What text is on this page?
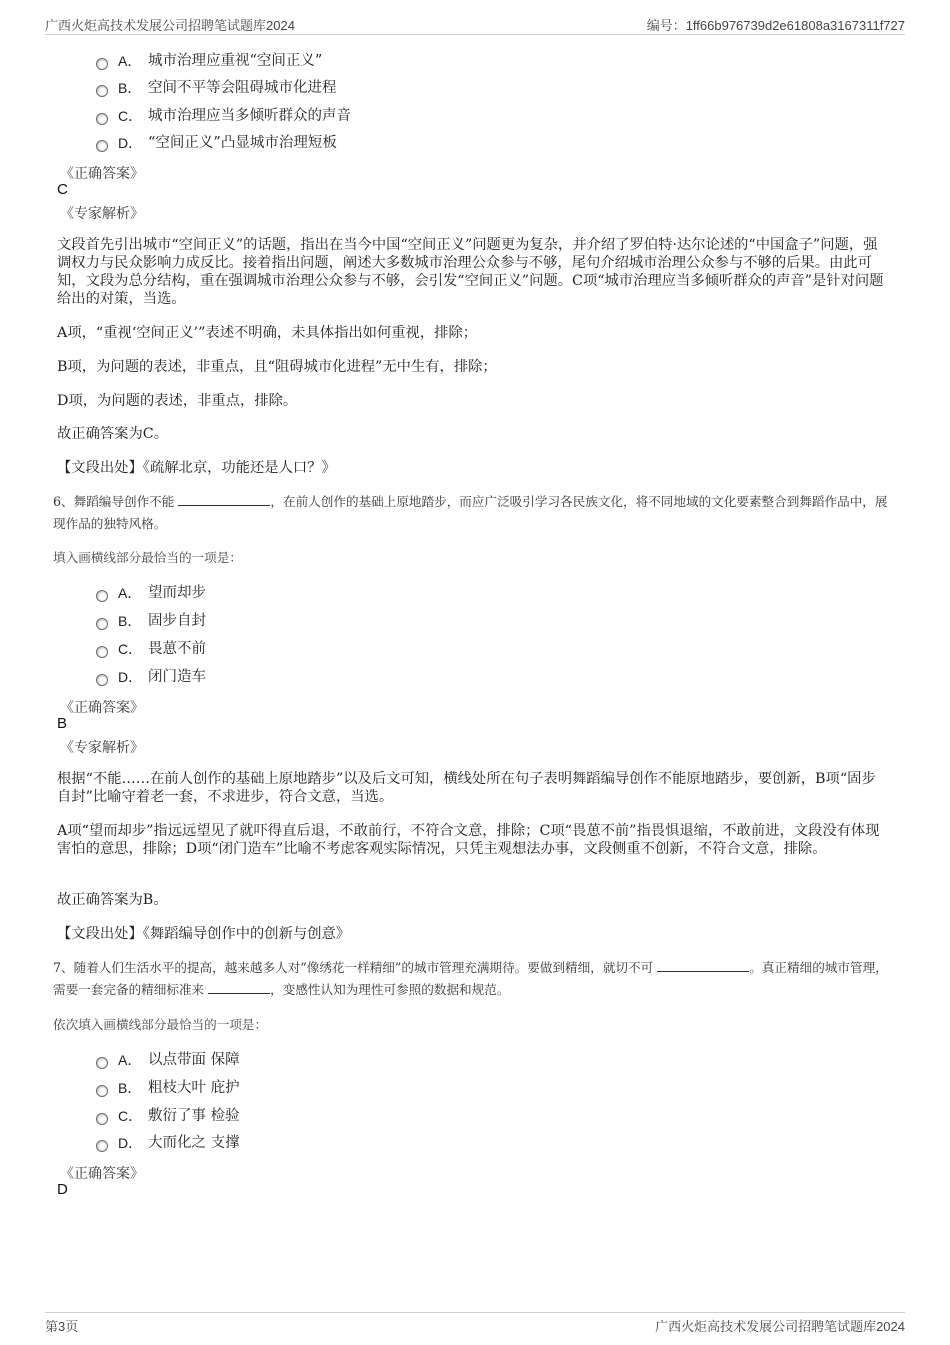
广西火炬高技术发展公司招聘笔试题库2024	编号：1ff66b976739d2e61808a3167311f727
A． 城市治理应重视“空间正义”
B． 空间不平等会阻碍城市化进程
C． 城市治理应当多倾听群众的声音
D． “空间正义”凸显城市治理短板
《正确答案》
C
《专家解析》
文段首先引出城市“空间正义”的话题，指出在当今中国“空间正义”问题更为复杂，并介绍了罗伯特·达尔论述的“中国盒子”问题，强调权力与民众影响力成反比。接着指出问题，阐述大多数城市治理公众参与不够，尾句介绍城市治理公众参与不够的后果。由此可知，文段为总分结构，重在强调城市治理公众参与不够，会引发“空间正义”问题。C项“城市治理应当多倾听群众的声音”是针对问题给出的对策，当选。
A项，“重视‘空间正义’”表述不明确，未具体指出如何重视，排除；
B项，为问题的表述，非重点，且“阻碍城市化进程”无中生有，排除；
D项，为问题的表述，非重点，排除。
故正确答案为C。
【文段出处】《疏解北京，功能还是人口？》
6、舞蹈编导创作不能	，在前人创作的基础上原地踏步，而应广泛吸引学习各民族文化，将不同地域的文化要素整合到舞蹈作品中，展现作品的独特风格。
填入画横线部分最恰当的一项是：
A． 望而却步
B． 固步自封
C． 畏葸不前
D． 闭门造车
《正确答案》
B
《专家解析》
根据“不能……在前人创作的基础上原地踏步”以及后文可知，横线处所在句子表明舞蹈编导创作不能原地踏步，要创新，B项“固步自封”比喻守着老一套，不求进步，符合文意，当选。
A项“望而却步”指远远望见了就吓得直后退，不敢前行，不符合文意，排除；C项“畏葸不前”指畏惧退缩，不敢前进，文段没有体现害怕的意思，排除；D项“闭门造车”比喻不考虑客观实际情况，只凭主观想法办事，文段侧重不创新，不符合文意，排除。
故正确答案为B。
【文段出处】《舞蹈编导创作中的创新与创意》
7、随着人们生活水平的提高，越来越多人对“像绣花一样精细”的城市管理充满期待。要做到精细，就切不可	。真正精细的城市管理，需要一套完备的精细标准来	，变感性认知为理性可参照的数据和规范。
依次填入画横线部分最恰当的一项是：
A． 以点带面 保障
B． 粗枝大叶 庇护
C． 敷衍了事 检验
D． 大而化之 支撑
《正确答案》
D
第3页	广西火炬高技术发展公司招聘笔试题库2024
